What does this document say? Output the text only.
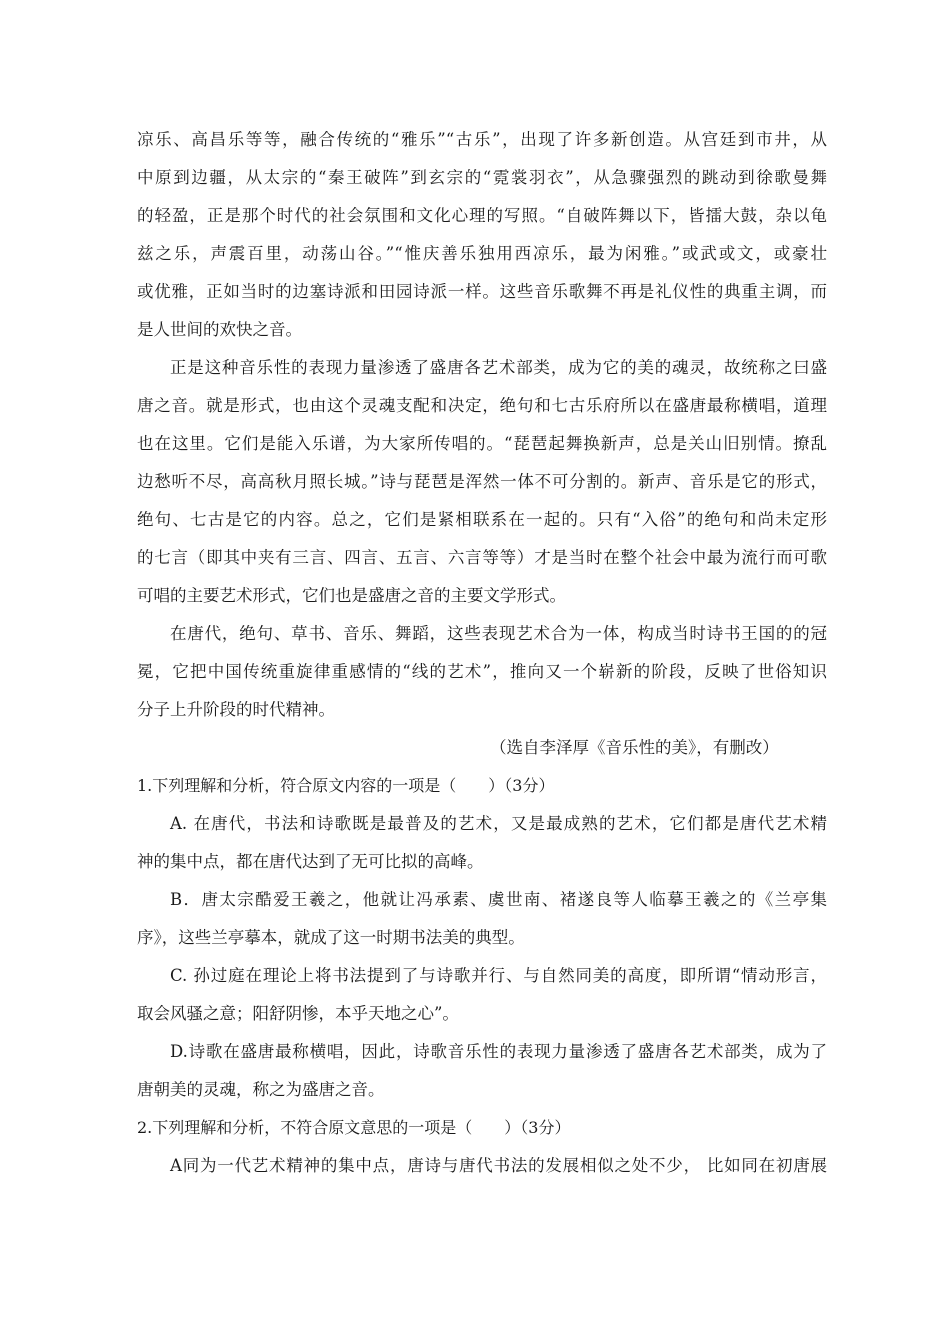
凉乐、高昌乐等等，融合传统的“雅乐”“古乐”，出现了许多新创造。从宫廷到市井，从
中原到边疆，从太宗的“秦王破阵”到玄宗的“霓裳羽衣”，从急骤强烈的跳动到徐歌曼舞
的轻盈，正是那个时代的社会氛围和文化心理的写照。“自破阵舞以下，皆擂大鼓，杂以龟
兹之乐，声震百里，动荡山谷。”“惟庆善乐独用西凉乐，最为闲雅。”或武或文，或豪壮
或优雅，正如当时的边塞诗派和田园诗派一样。这些音乐歌舞不再是礼仪性的典重主调，而
是人世间的欢快之音。
正是这种音乐性的表现力量渗透了盛唐各艺术部类，成为它的美的魂灵，故统称之曰盛
唐之音。就是形式，也由这个灵魂支配和决定，绝句和七古乐府所以在盛唐最称横唱，道理
也在这里。它们是能入乐谱，为大家所传唱的。“琵琶起舞换新声，总是关山旧别情。撩乱
边愁听不尽，高高秋月照长城。”诗与琵琶是浑然一体不可分割的。新声、音乐是它的形式，
绝句、七古是它的内容。总之，它们是紧相联系在一起的。只有“入俗”的绝句和尚未定形
的七言（即其中夹有三言、四言、五言、六言等等）才是当时在整个社会中最为流行而可歌
可唱的主要艺术形式，它们也是盛唐之音的主要文学形式。
在唐代，绝句、草书、音乐、舞蹈，这些表现艺术合为一体，构成当时诗书王国的的冠
冕，它把中国传统重旋律重感情的“线的艺术”，推向又一个崭新的阶段，反映了世俗知识
分子上升阶段的时代精神。
（选自李泽厚《音乐性的美》，有删改）
1.下列理解和分析，符合原文内容的一项是（　　）（3分）
A. 在唐代，书法和诗歌既是最普及的艺术，又是最成熟的艺术，它们都是唐代艺术精
神的集中点，都在唐代达到了无可比拟的高峰。
B．唐太宗酷爱王羲之，他就让冯承素、虞世南、褚遂良等人临摹王羲之的《兰亭集
序》，这些兰亭摹本，就成了这一时期书法美的典型。
C. 孙过庭在理论上将书法提到了与诗歌并行、与自然同美的高度，即所谓“情动形言，
取会风骚之意；阳舒阴惨，本乎天地之心”。
D.诗歌在盛唐最称横唱，因此，诗歌音乐性的表现力量渗透了盛唐各艺术部类，成为了
唐朝美的灵魂，称之为盛唐之音。
2.下列理解和分析，不符合原文意思的一项是（　　）（3分）
A同为一代艺术精神的集中点，唐诗与唐代书法的发展相似之处不少， 比如同在初唐展
